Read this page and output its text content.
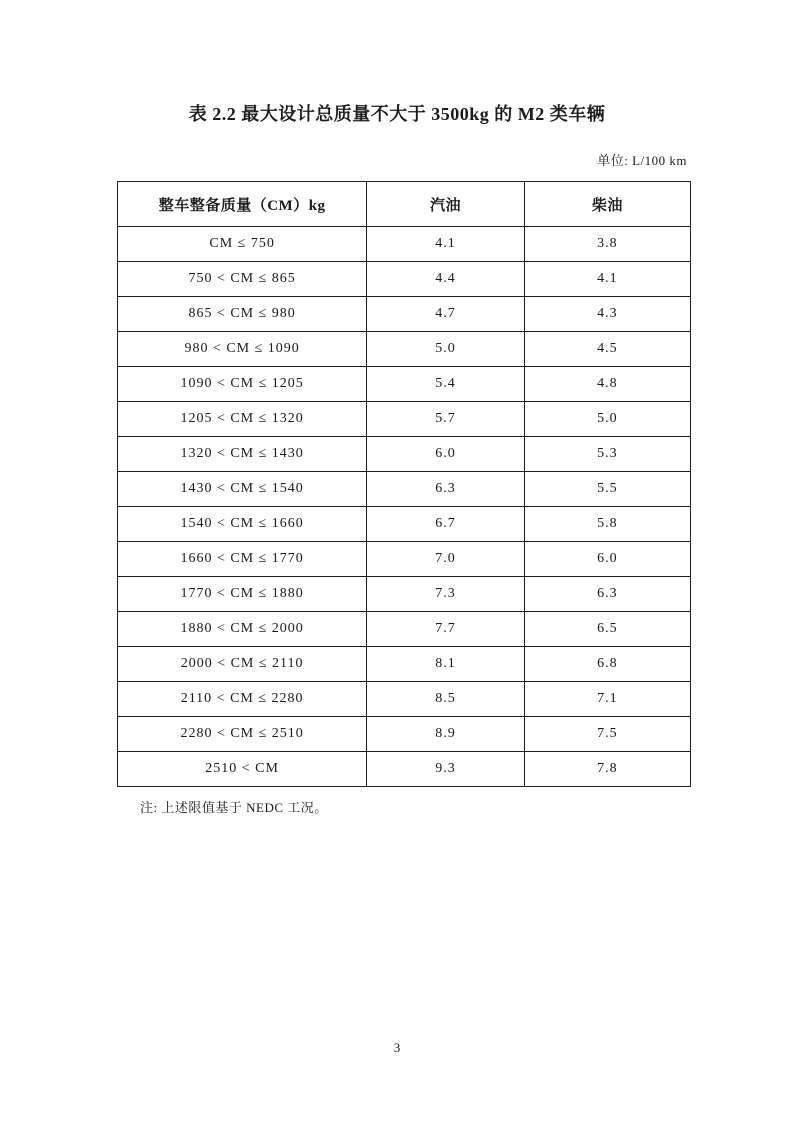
表 2.2 最大设计总质量不大于 3500kg 的 M2 类车辆
单位: L/100 km
整车整备质量（CM）kg	汽油	柴油
CM ≤ 750	4.1	3.8
750 < CM ≤ 865	4.4	4.1
865 < CM ≤ 980	4.7	4.3
980 < CM ≤ 1090	5.0	4.5
1090 < CM ≤ 1205	5.4	4.8
1205 < CM ≤ 1320	5.7	5.0
1320 < CM ≤ 1430	6.0	5.3
1430 < CM ≤ 1540	6.3	5.5
1540 < CM ≤ 1660	6.7	5.8
1660 < CM ≤ 1770	7.0	6.0
1770 < CM ≤ 1880	7.3	6.3
1880 < CM ≤ 2000	7.7	6.5
2000 < CM ≤ 2110	8.1	6.8
2110 < CM ≤ 2280	8.5	7.1
2280 < CM ≤ 2510	8.9	7.5
2510 < CM	9.3	7.8
注: 上述限值基于 NEDC 工况。
3
